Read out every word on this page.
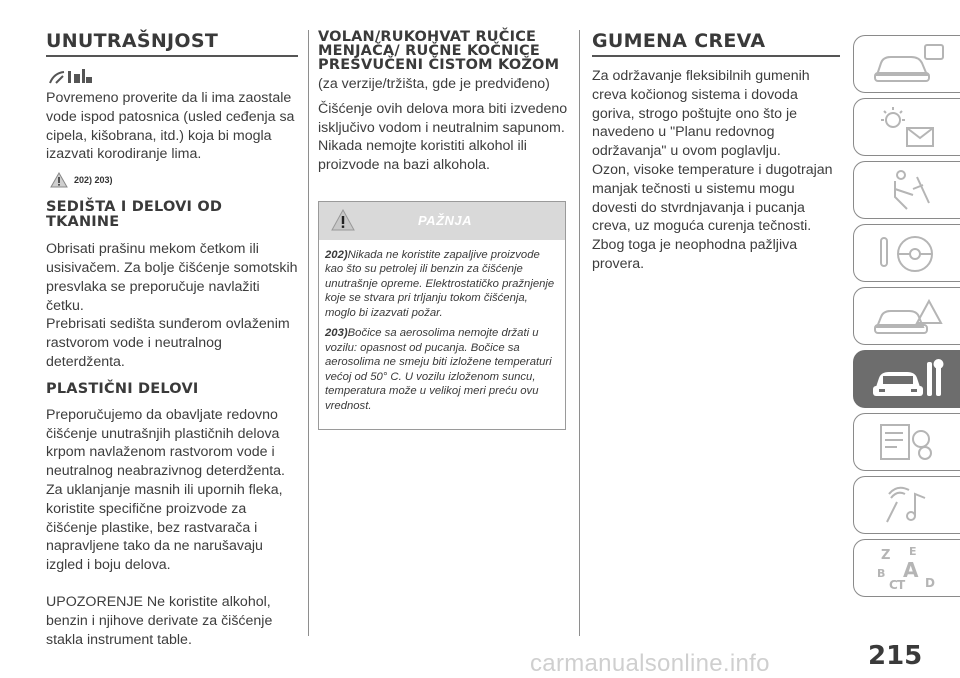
UNUTRAŠNJOST

Povremeno proverite da li ima zaostale vode ispod patosnica (usled ceđenja sa cipela, kišobrana, itd.) koja bi mogla izazvati korodiranje lima.

202) 203)
SEDIŠTA I DELOVI OD TKANINE

Obrisati prašinu mekom četkom ili usisivačem. Za bolje čišćenje somotskih presvlaka se preporučuje navlažiti četku.
Prebrisati sedišta sunđerom ovlaženim rastvorom vode i neutralnog deterdženta.

PLASTIČNI DELOVI

Preporučujemo da obavljate redovno čišćenje unutrašnjih plastičnih delova krpom navlaženom rastvorom vode i neutralnog neabrazivnog deterdženta.
Za uklanjanje masnih ili upornih fleka, koristite specifične proizvode za čišćenje plastike, bez rastvarača i napravljene tako da ne narušavaju izgled i boju delova.

UPOZORENJE Ne koristite alkohol, benzin i njihove derivate za čišćenje stakla instrument table.

VOLAN/RUKOHVAT RUČICE MENJAČA/ RUČNE KOČNICE PRESVUČENI ČISTOM KOŽOM

(za verzije/tržišta, gde je predviđeno)

Čišćenje ovih delova mora biti izvedeno isključivo vodom i neutralnim sapunom. Nikada nemojte koristiti alkohol ili proizvode na bazi alkohola.

PAŽNJA

202)Nikada ne koristite zapaljive proizvode kao što su petrolej ili benzin za čišćenje unutrašnje opreme. Elektrostatičko pražnjenje koje se stvara pri trljanju tokom čišćenja, moglo bi izazvati požar.

203)Bočice sa aerosolima nemojte držati u vozilu: opasnost od pucanja. Bočice sa aerosolima ne smeju biti izložene temperaturi većoj od 50° C. U vozilu izloženom suncu, temperatura može u velikoj meri preću ovu vrednost.

GUMENA CREVA

Za održavanje fleksibilnih gumenih creva kočionog sistema i dovoda goriva, strogo poštujte ono što je navedeno u "Planu redovnog održavanja" u ovom poglavlju.
Ozon, visoke temperature i dugotrajan manjak tečnosti u sistemu mogu dovesti do stvrdnjavanja i pucanja creva, uz moguća curenja tečnosti. Zbog toga je neophodna pažljiva provera.

Z E
B A
C T D
215
carmanualsonline.info
